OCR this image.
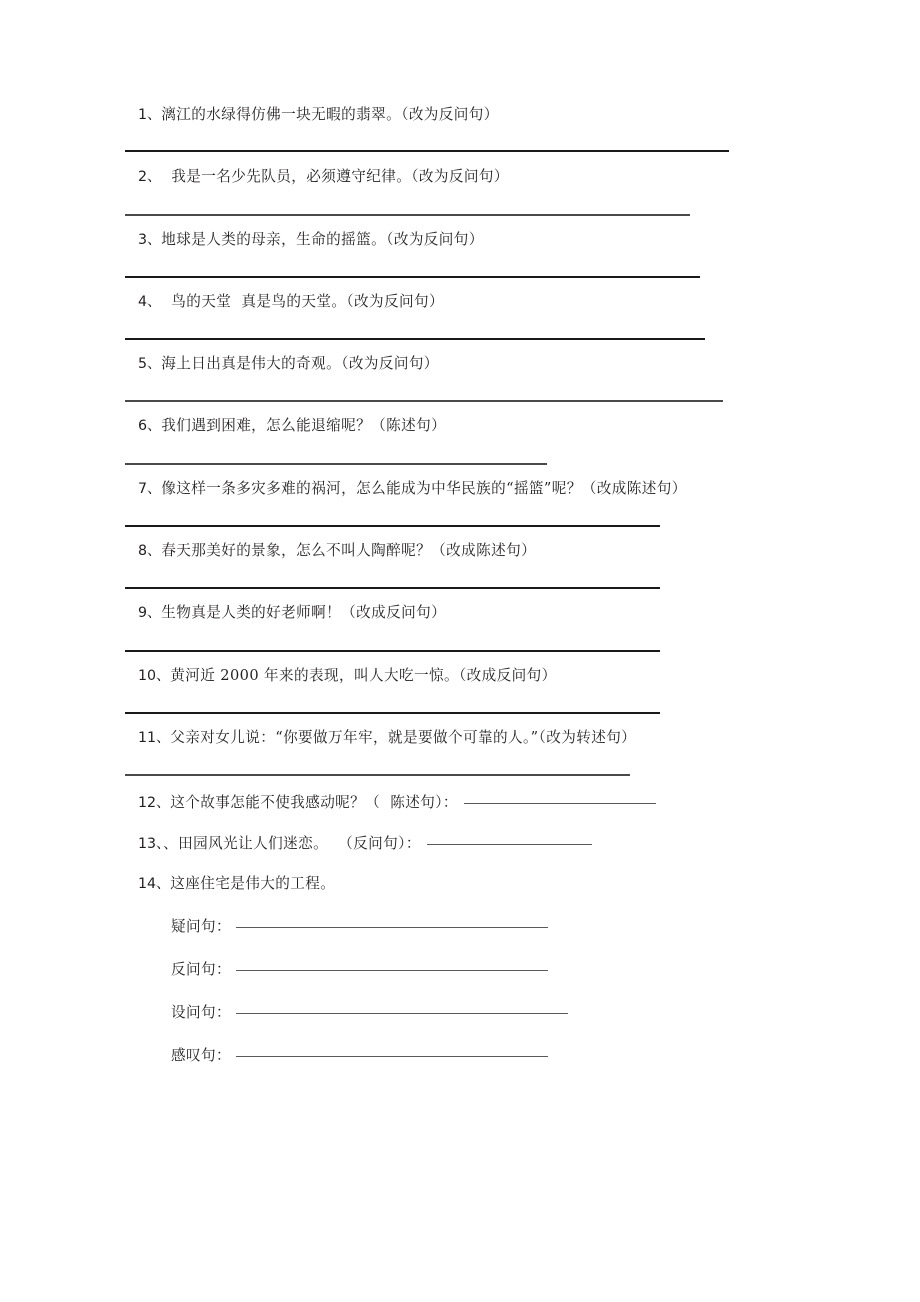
1、漓江的水绿得仿佛一块无暇的翡翠。（改为反问句）
2、  我是一名少先队员，必须遵守纪律。（改为反问句）
3、地球是人类的母亲，生命的摇篮。（改为反问句）
4、  鸟的天堂  真是鸟的天堂。（改为反问句）
5、海上日出真是伟大的奇观。（改为反问句）
6、我们遇到困难，怎么能退缩呢？（陈述句）
7、像这样一条多灾多难的祸河，怎么能成为中华民族的“摇篮”呢？（改成陈述句）
8、春天那美好的景象，怎么不叫人陶醉呢？（改成陈述句）
9、生物真是人类的好老师啊！（改成反问句）
10、黄河近 2000 年来的表现，叫人大吃一惊。（改成反问句）
11、父亲对女儿说：“你要做万年牢，就是要做个可靠的人。”（改为转述句）
12、这个故事怎能不使我感动呢？（  陈述句）：
13、、田园风光让人们迷恋。  （反问句）：
14、这座住宅是伟大的工程。
疑问句：
反问句：
设问句：
感叹句：
